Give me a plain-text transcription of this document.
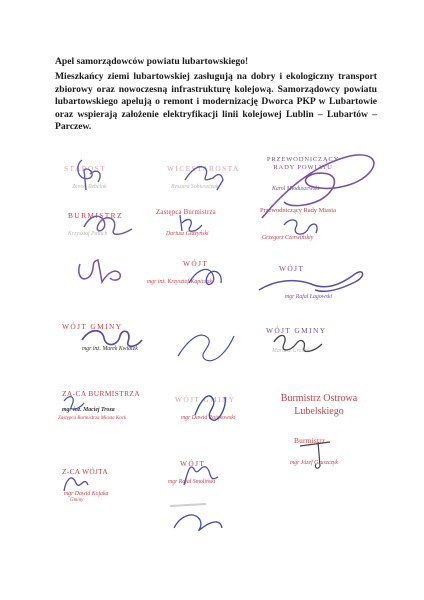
Apel samorządowców powiatu lubartowskiego!
Mieszkańcy ziemi lubartowskiej zasługują na dobry i ekologiczny transport zbiorowy oraz nowoczesną infrastrukturę kolejową. Samorządowcy powiatu lubartowskiego apelują o remont i modernizację Dworca PKP w Lubartowie oraz wspierają założenie elektryfikacji linii kolejowej Lublin – Lubartów – Parczew.
STAROST
Zenon Rebelak
WICESTAROSTA
Ryszard Sobieszczak
PRZEWODNICZĄCY RADY POWIATU
Karol Mioduszewski
BURMISTRZ
Krzysztof Paluch
Zastępca Burmistrza
Dariusz Głażyński
Przewodniczący Rady Miasta
Grzegorz Czerwińskiy
WÓJT
mgr inż. Krzysztof Kapiczak
WÓJT
mgr Rafał Łagowski
WÓJT GMINY
mgr inż. Marek Kwiatek
WÓJT GMINY
Mariusz Grobel
ZA-CA BURMISTRZA
mgr inż. Maciej Troza
Zastępca Burmistrza Miasta Kock
WÓJT GMINY
mgr Dawid Pająkowski
Burmistrz Ostrowa Lubelskiego
Burmistrz
mgr Józef Gruszczyk
Z-CA WÓJTA
mgr Dawid Kojaka
Gminy
WÓJT
mgr Rafał Smoliński
